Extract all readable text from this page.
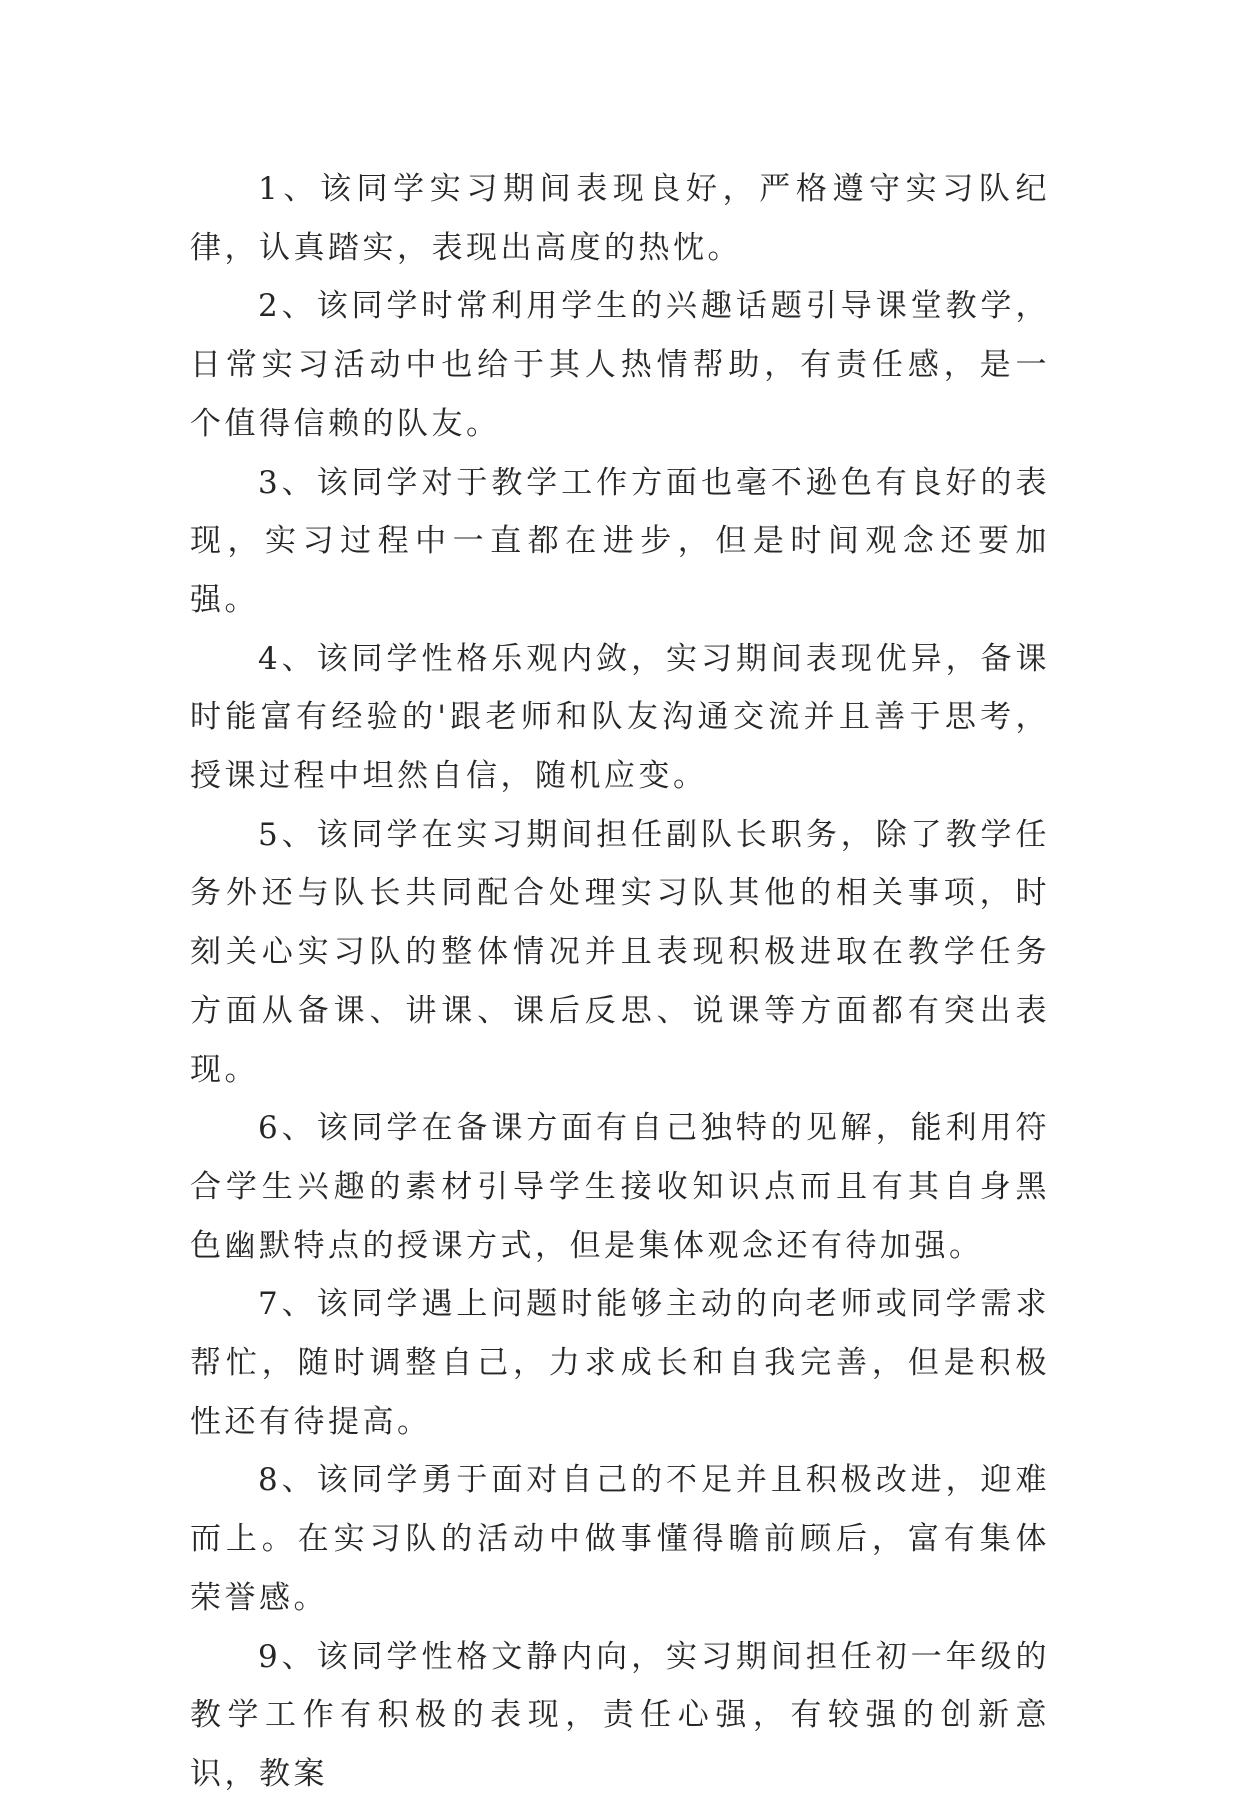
1、该同学实习期间表现良好，严格遵守实习队纪律，认真踏实，表现出高度的热忱。

2、该同学时常利用学生的兴趣话题引导课堂教学，日常实习活动中也给于其人热情帮助，有责任感，是一个值得信赖的队友。

3、该同学对于教学工作方面也毫不逊色有良好的表现，实习过程中一直都在进步，但是时间观念还要加强。

4、该同学性格乐观内敛，实习期间表现优异，备课时能富有经验的'跟老师和队友沟通交流并且善于思考，授课过程中坦然自信，随机应变。

5、该同学在实习期间担任副队长职务，除了教学任务外还与队长共同配合处理实习队其他的相关事项，时刻关心实习队的整体情况并且表现积极进取在教学任务方面从备课、讲课、课后反思、说课等方面都有突出表现。

6、该同学在备课方面有自己独特的见解，能利用符合学生兴趣的素材引导学生接收知识点而且有其自身黑色幽默特点的授课方式，但是集体观念还有待加强。

7、该同学遇上问题时能够主动的向老师或同学需求帮忙，随时调整自己，力求成长和自我完善，但是积极性还有待提高。

8、该同学勇于面对自己的不足并且积极改进，迎难而上。在实习队的活动中做事懂得瞻前顾后，富有集体荣誉感。

9、该同学性格文静内向，实习期间担任初一年级的教学工作有积极的表现，责任心强，有较强的创新意识，教案
